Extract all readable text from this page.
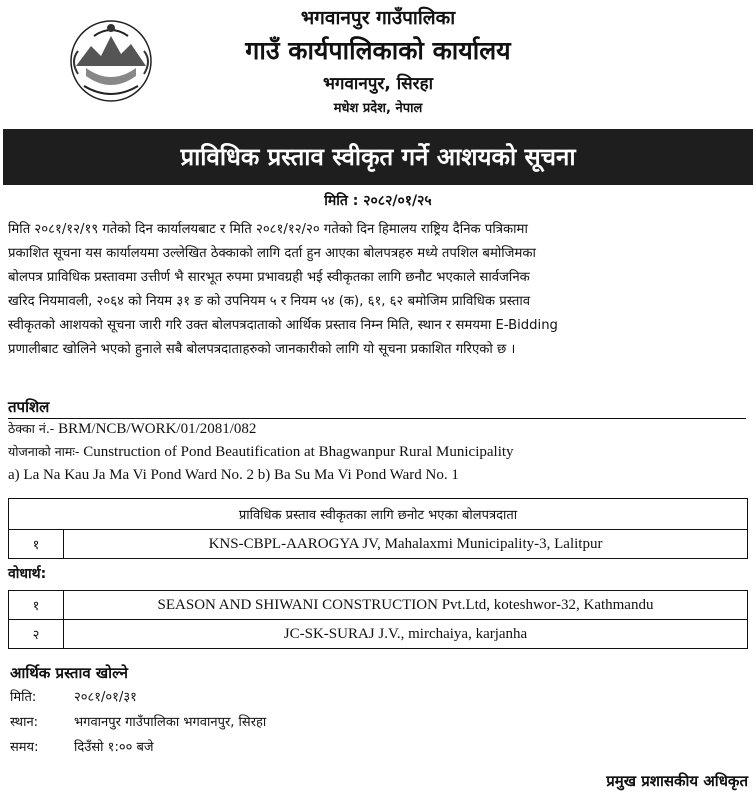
भगवानपुर गाउँपालिका
गाउँ कार्यपालिकाको कार्यालय
भगवानपुर, सिरहा
मधेश प्रदेश, नेपाल
प्राविधिक प्रस्ताव स्वीकृत गर्ने आशयको सूचना
मिति : २०८२/०१/२५
मिति २०८१/१२/१९ गतेको दिन कार्यालयबाट र मिति २०८१/१२/२० गतेको दिन हिमालय राष्ट्रिय दैनिक पत्रिकामा
प्रकाशित सूचना यस कार्यालयमा उल्लेखित ठेक्काको लागि दर्ता हुन आएका बोलपत्रहरु मध्ये तपशिल बमोजिमका
बोलपत्र प्राविधिक प्रस्तावमा उत्तीर्ण भै सारभूत रुपमा प्रभावग्रही भई स्वीकृतका लागि छनौट भएकाले सार्वजनिक
खरिद नियमावली, २०६४ को नियम ३१ ङ को उपनियम ५ र नियम ५४ (क), ६१, ६२ बमोजिम प्राविधिक प्रस्ताव
स्वीकृतको आशयको सूचना जारी गरि उक्त बोलपत्रदाताको आर्थिक प्रस्ताव निम्न मिति, स्थान र समयमा E-Bidding
प्रणालीबाट खोलिने भएको हुनाले सबै बोलपत्रदाताहरुको जानकारीको लागि यो सूचना प्रकाशित गरिएको छ ।
तपशिल
ठेक्का नं.- BRM/NCB/WORK/01/2081/082
योजनाको नामः- Cunstruction of Pond Beautification at Bhagwanpur Rural Municipality
a) La Na Kau Ja Ma Vi Pond Ward No. 2 b) Ba Su Ma Vi Pond Ward No. 1
प्राविधिक प्रस्ताव स्वीकृतका लागि छनोट भएका बोलपत्रदाता
१	KNS-CBPL-AAROGYA JV, Mahalaxmi Municipality-3, Lalitpur
वोधार्थ:
१	SEASON AND SHIWANI CONSTRUCTION Pvt.Ltd, koteshwor-32, Kathmandu
२	JC-SK-SURAJ J.V., mirchaiya, karjanha
आर्थिक प्रस्ताव खोल्ने
मिति:	२०८१/०१/३१
स्थान:	भगवानपुर गाउँपालिका भगवानपुर, सिरहा
समय:	दिउँसो १:०० बजे
प्रमुख प्रशासकीय अधिकृत
